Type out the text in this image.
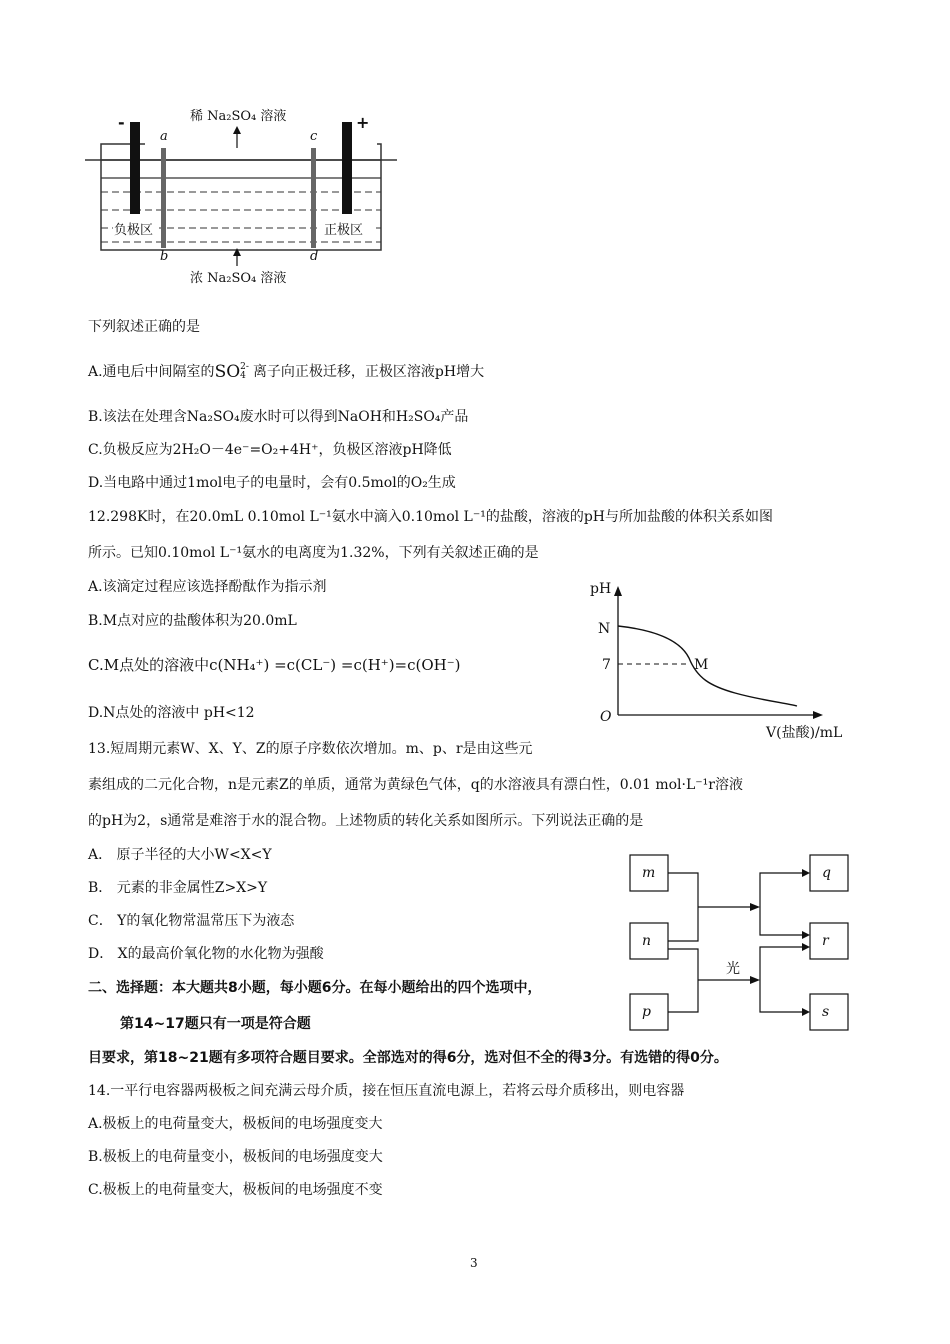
稀 Na₂SO₄ 溶液
浓 Na₂SO₄ 溶液
-	+
a
b
c
d
负极区	正极区
下列叙述正确的是
A.通电后中间隔室的SO 2-
4 离子向正极迁移，正极区溶液pH增大
B.该法在处理含Na₂SO₄废水时可以得到NaOH和H₂SO₄产品
C.负极反应为2H₂O－4e⁻=O₂+4H⁺，负极区溶液pH降低
D.当电路中通过1mol电子的电量时，会有0.5mol的O₂生成
12.298K时，在20.0mL 0.10mol L⁻¹氨水中滴入0.10mol L⁻¹的盐酸，溶液的pH与所加盐酸的体积关系如图
所示。已知0.10mol L⁻¹氨水的电离度为1.32%，下列有关叙述正确的是
A.该滴定过程应该选择酚酞作为指示剂
B.M点对应的盐酸体积为20.0mL
C.M点处的溶液中c(NH₄⁺) =c(CL⁻) =c(H⁺)=c(OH⁻)
D.N点处的溶液中 pH<12
pH
N
7	M
O
V(盐酸)/mL
13.短周期元素W、X、Y、Z的原子序数依次增加。m、p、r是由这些元
素组成的二元化合物，n是元素Z的单质，通常为黄绿色气体，q的水溶液具有漂白性，0.01 mol·L⁻¹r溶液
的pH为2，s通常是难溶于水的混合物。上述物质的转化关系如图所示。下列说法正确的是
A． 原子半径的大小W<X<Y
B． 元素的非金属性Z>X>Y
C． Y的氧化物常温常压下为液态
D． X的最高价氧化物的水化物为强酸
m
n
p
q
r
s
光
二、选择题：本大题共8小题，每小题6分。在每小题给出的四个选项中，
第14~17题只有一项是符合题
目要求，第18~21题有多项符合题目要求。全部选对的得6分，选对但不全的得3分。有选错的得0分。
14.一平行电容器两极板之间充满云母介质，接在恒压直流电源上，若将云母介质移出，则电容器
A.极板上的电荷量变大，极板间的电场强度变大
B.极板上的电荷量变小，极板间的电场强度变大
C.极板上的电荷量变大，极板间的电场强度不变
3
